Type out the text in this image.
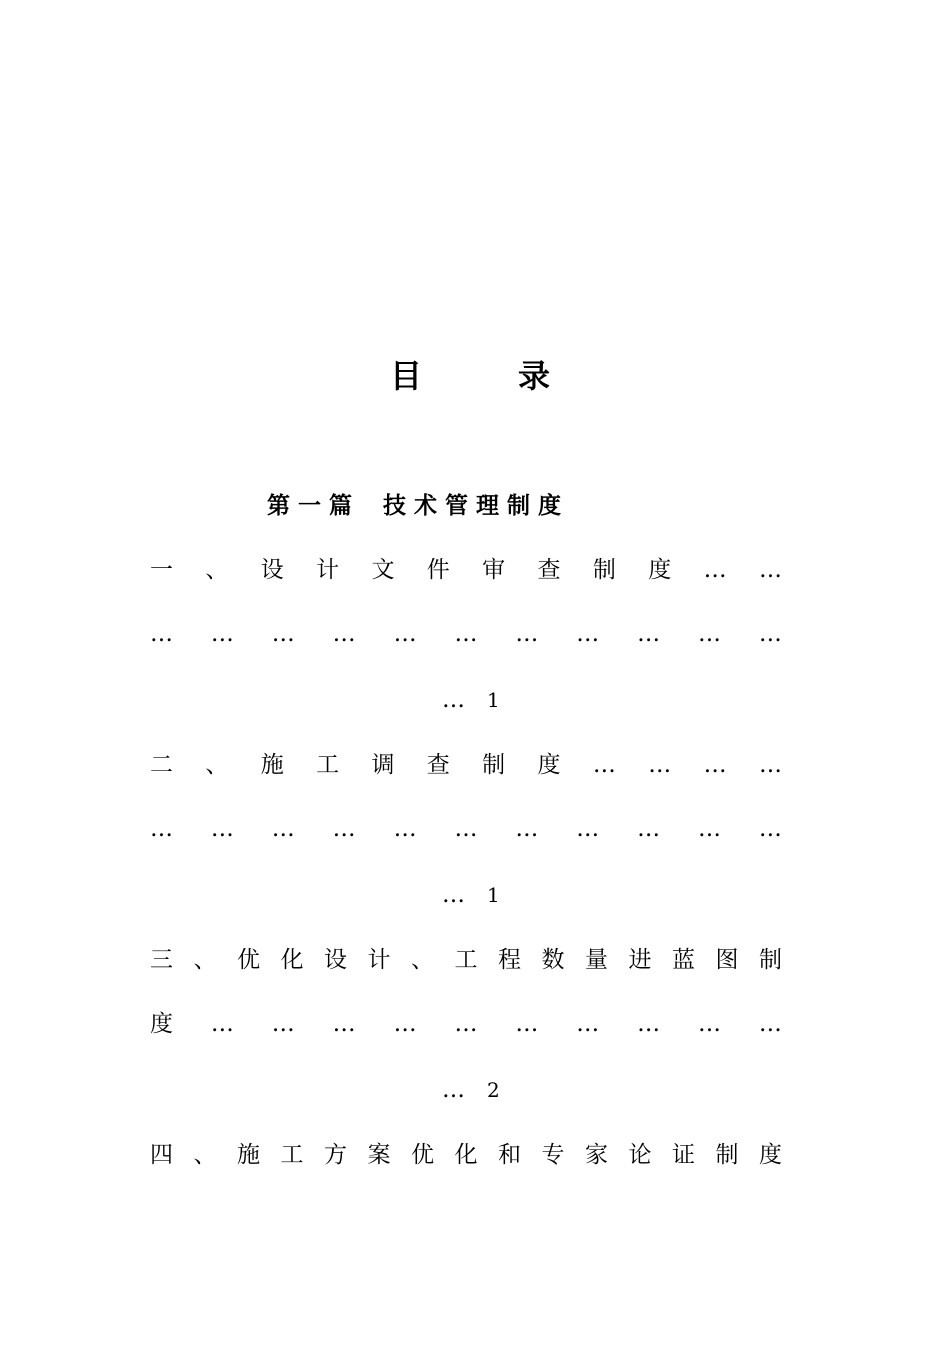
目	录
第 一 篇　 技 术 管 理 制 度
一 、 设 计 文 件 审 查 制 度 … …
… … … … … … … … … … …
… 1
二 、 施 工 调 查 制 度 … … … …
… … … … … … … … … … …
… 1
三 、 优 化 设 计 、 工 程 数 量 进 蓝 图 制
度 … … … … … … … … … …
… 2
四 、 施 工 方 案 优 化 和 专 家 论 证 制 度
